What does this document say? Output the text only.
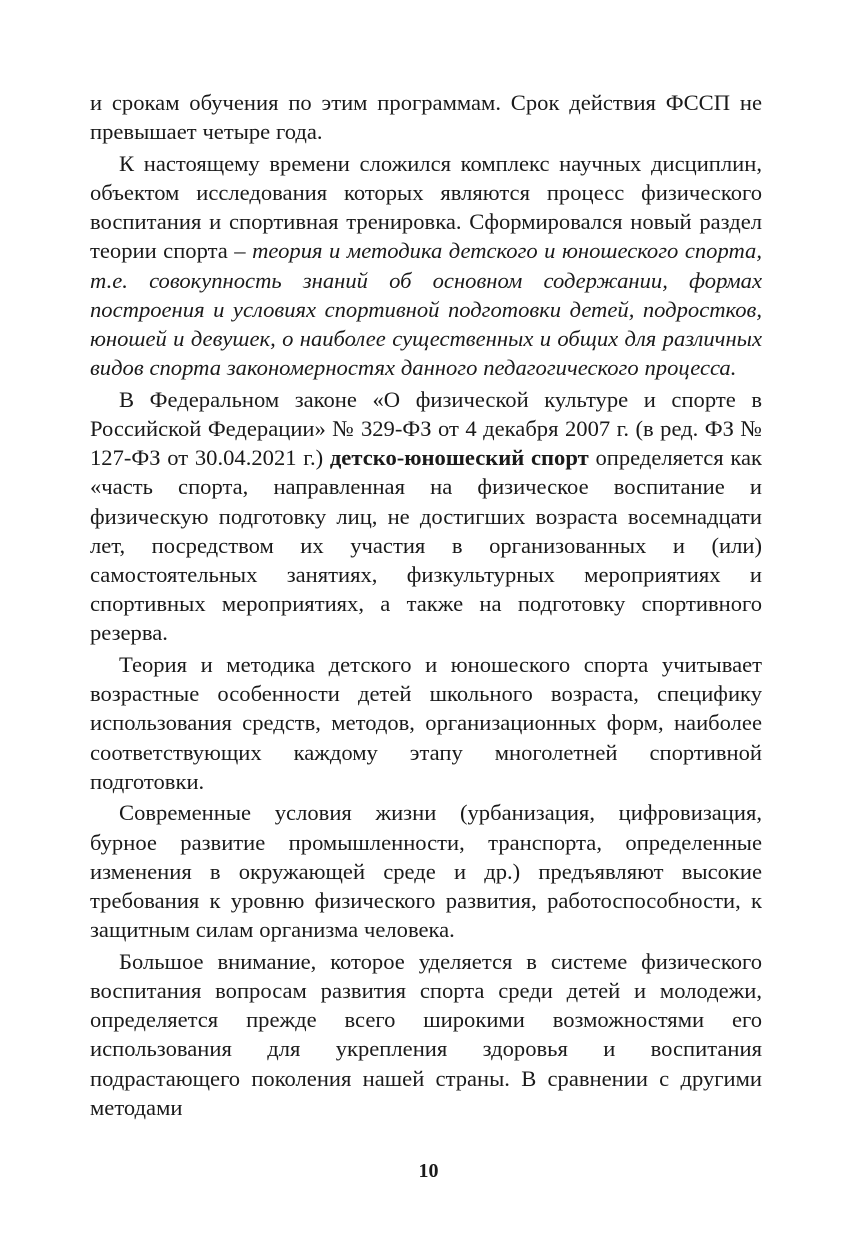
и срокам обучения по этим программам. Срок действия ФССП не превышает четыре года.

К настоящему времени сложился комплекс научных дисциплин, объектом исследования которых являются процесс физического воспитания и спортивная тренировка. Сформировался новый раздел теории спорта – теория и методика детского и юношеского спорта, т.е. совокупность знаний об основном содержании, формах построения и условиях спортивной подготовки детей, подростков, юношей и девушек, о наиболее существенных и общих для различных видов спорта закономерностях данного педагогического процесса.

В Федеральном законе «О физической культуре и спорте в Российской Федерации» № 329-ФЗ от 4 декабря 2007 г. (в ред. ФЗ № 127-ФЗ от 30.04.2021 г.) детско-юношеский спорт определяется как «часть спорта, направленная на физическое воспитание и физическую подготовку лиц, не достигших возраста восемнадцати лет, посредством их участия в организованных и (или) самостоятельных занятиях, физкультурных мероприятиях и спортивных мероприятиях, а также на подготовку спортивного резерва.

Теория и методика детского и юношеского спорта учитывает возрастные особенности детей школьного возраста, специфику использования средств, методов, организационных форм, наиболее соответствующих каждому этапу многолетней спортивной подготовки.

Современные условия жизни (урбанизация, цифровизация, бурное развитие промышленности, транспорта, определенные изменения в окружающей среде и др.) предъявляют высокие требования к уровню физического развития, работоспособности, к защитным силам организма человека.

Большое внимание, которое уделяется в системе физического воспитания вопросам развития спорта среди детей и молодежи, определяется прежде всего широкими возможностями его использования для укрепления здоровья и воспитания подрастающего поколения нашей страны. В сравнении с другими методами

10
